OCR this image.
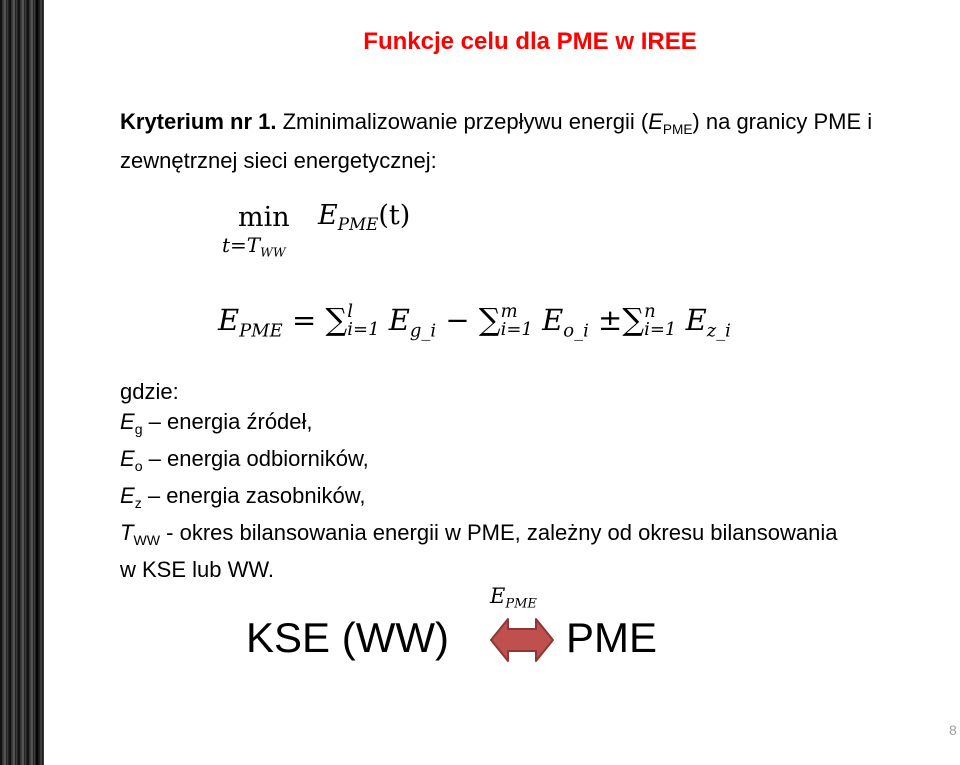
Funkcje celu dla PME w IREE
Kryterium nr 1. Zminimalizowanie przepływu energii $(E_{PME})$ na granicy PME i zewnętrznej sieci energetycznej:
min
$t=T_{WW}$
$E_{PME}(t)$
$E_{PME}$ = ∑ l
i=1 $E_{g\_i}$ − ∑ m
i=1 $E_{o\_i}$ ±∑ n
i=1 $E_{z\_i}$
gdzie:
$E_g$ – energia źródeł,
$E_o$ – energia odbiorników,
$E_z$ – energia zasobników,
$T_{WW}$ - okres bilansowania energii w PME, zależny od okresu bilansowania
w KSE lub WW.
KSE (WW)
$E_{PME}$
PME
8
